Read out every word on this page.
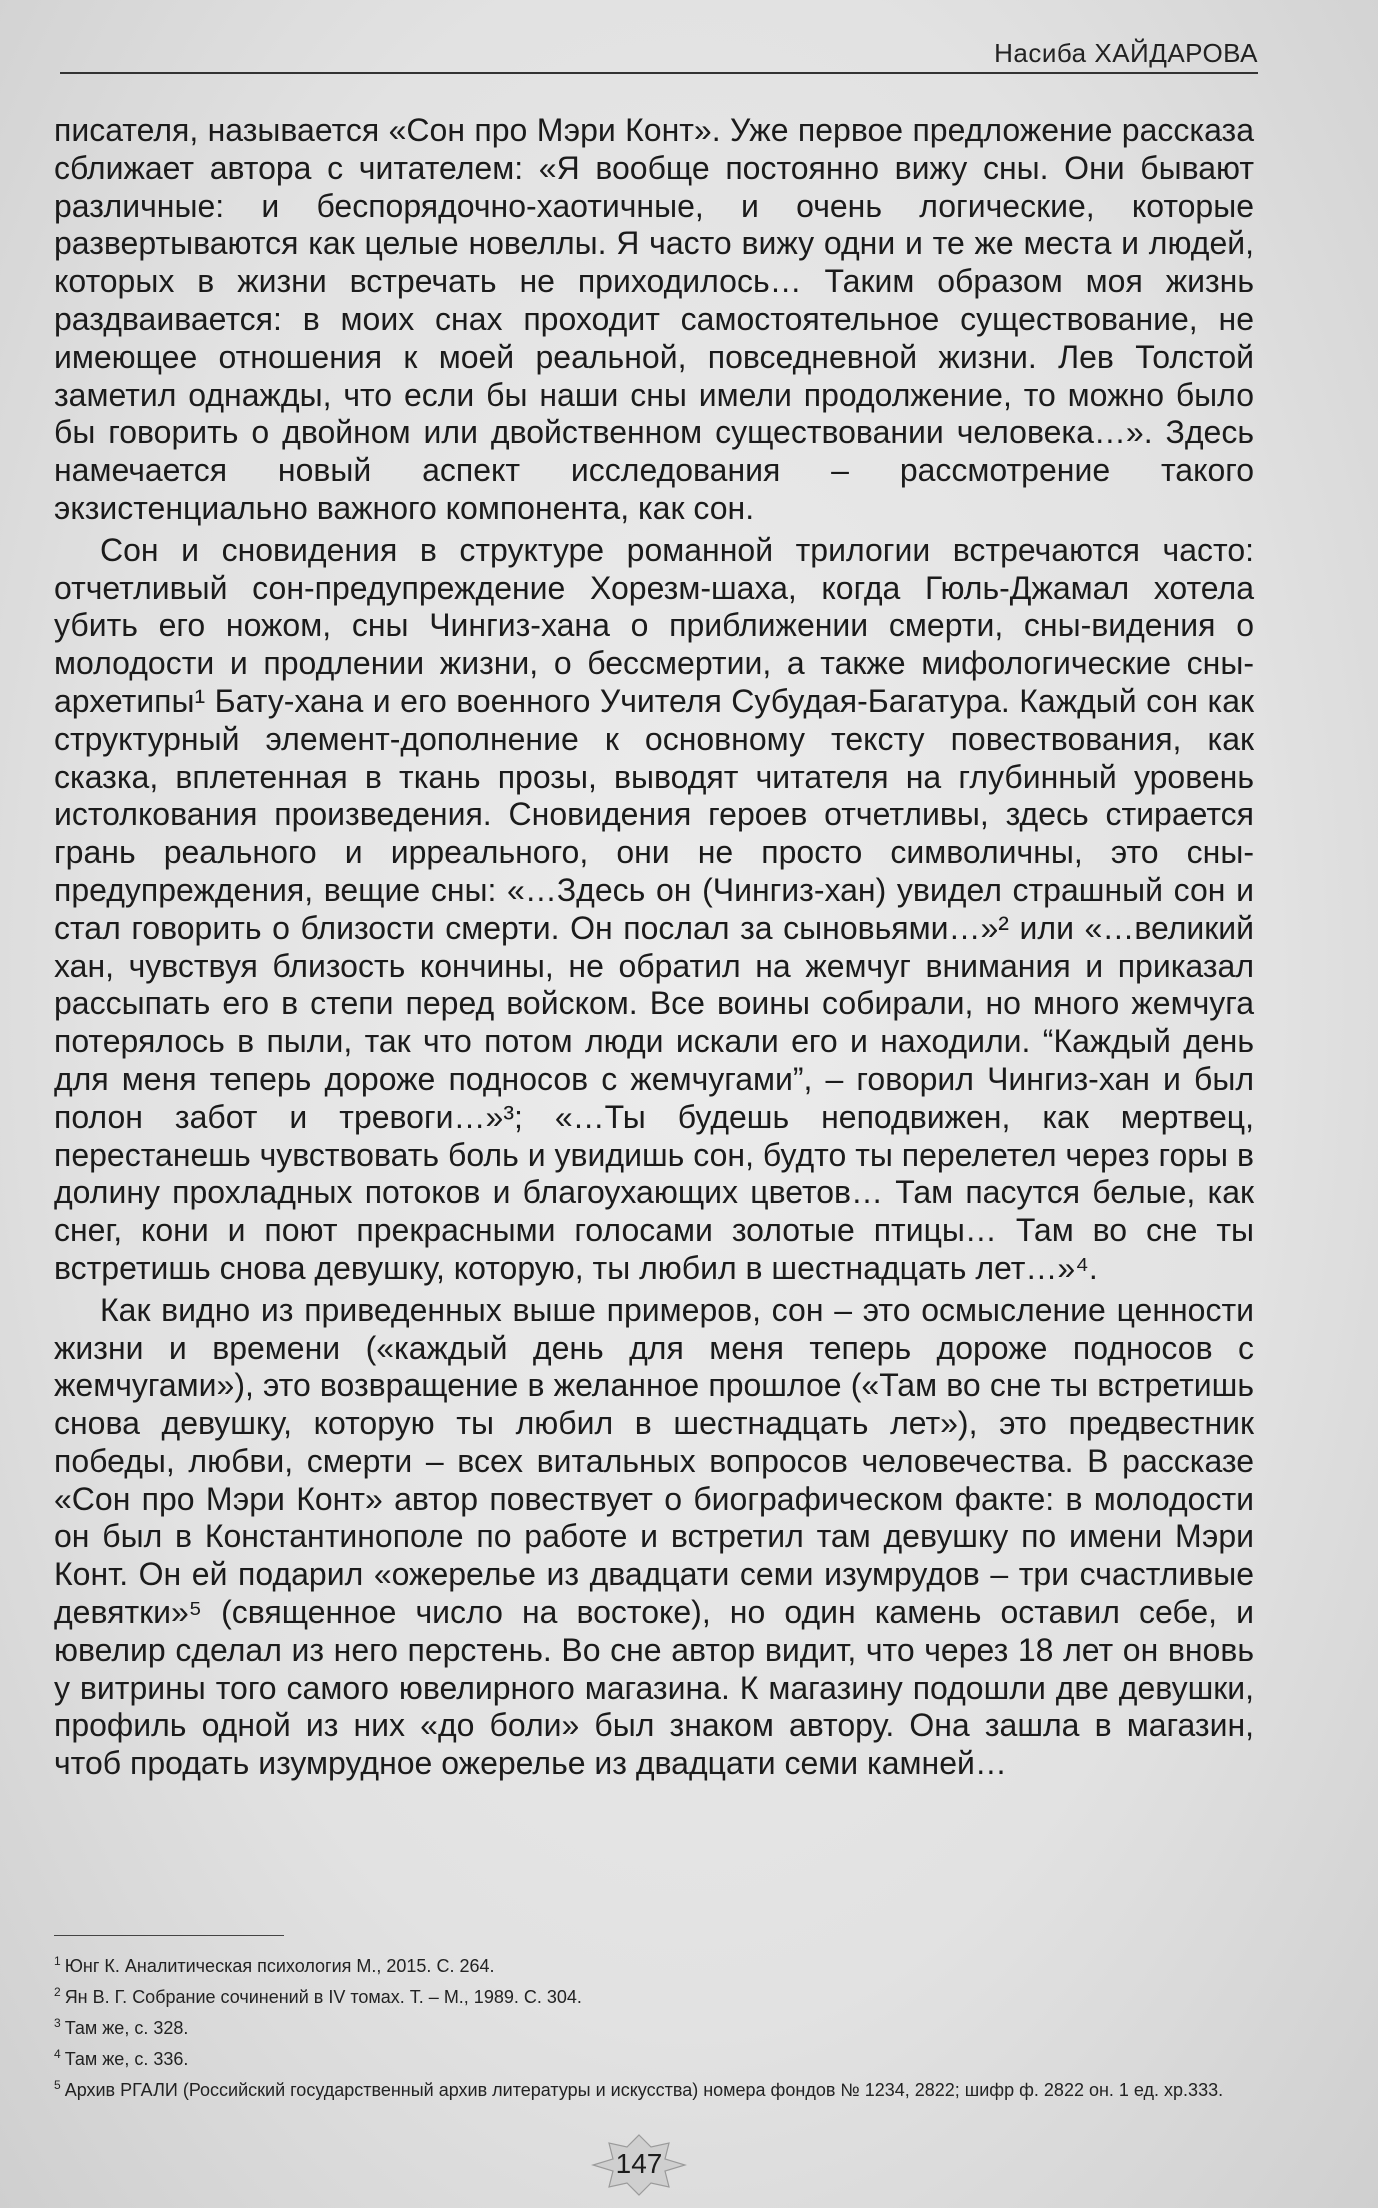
Насиба ХАЙДАРОВА

писателя, называется «Сон про Мэри Конт». Уже первое предложение рассказа сближает автора с читателем: «Я вообще постоянно вижу сны. Они бывают различные: и беспорядочно-хаотичные, и очень логические, которые развертываются как целые новеллы. Я часто вижу одни и те же места и людей, которых в жизни встречать не приходилось… Таким образом моя жизнь раздваивается: в моих снах проходит самостоятельное существование, не имеющее отношения к моей реальной, повседневной жизни. Лев Толстой заметил однажды, что если бы наши сны имели продолжение, то можно было бы говорить о двойном или двойственном существовании человека…». Здесь намечается новый аспект исследования – рассмотрение такого экзистенциально важного компонента, как сон.

Сон и сновидения в структуре романной трилогии встречаются часто: отчетливый сон-предупреждение Хорезм-шаха, когда Гюль-Джамал хотела убить его ножом, сны Чингиз-хана о приближении смерти, сны-видения о молодости и продлении жизни, о бессмертии, а также мифологические сны-архетипы¹ Бату-хана и его военного Учителя Субудая-Багатура. Каждый сон как структурный элемент-дополнение к основному тексту повествования, как сказка, вплетенная в ткань прозы, выводят читателя на глубинный уровень истолкования произведения. Сновидения героев отчетливы, здесь стирается грань реального и ирреального, они не просто символичны, это сны-предупреждения, вещие сны: «…Здесь он (Чингиз-хан) увидел страшный сон и стал говорить о близости смерти. Он послал за сыновьями…»² или «…великий хан, чувствуя близость кончины, не обратил на жемчуг внимания и приказал рассыпать его в степи перед войском. Все воины собирали, но много жемчуга потерялось в пыли, так что потом люди искали его и находили. “Каждый день для меня теперь дороже подносов с жемчугами”, – говорил Чингиз-хан и был полон забот и тревоги…»³; «…Ты будешь неподвижен, как мертвец, перестанешь чувствовать боль и увидишь сон, будто ты перелетел через горы в долину прохладных потоков и благоухающих цветов… Там пасутся белые, как снег, кони и поют прекрасными голосами золотые птицы… Там во сне ты встретишь снова девушку, которую, ты любил в шестнадцать лет…»⁴.

Как видно из приведенных выше примеров, сон – это осмысление ценности жизни и времени («каждый день для меня теперь дороже подносов с жемчугами»), это возвращение в желанное прошлое («Там во сне ты встретишь снова девушку, которую ты любил в шестнадцать лет»), это предвестник победы, любви, смерти – всех витальных вопросов человечества. В рассказе «Сон про Мэри Конт» автор повествует о биографическом факте: в молодости он был в Константинополе по работе и встретил там девушку по имени Мэри Конт. Он ей подарил «ожерелье из двадцати семи изумрудов – три счастливые девятки»⁵ (священное число на востоке), но один камень оставил себе, и ювелир сделал из него перстень. Во сне автор видит, что через 18 лет он вновь у витрины того самого ювелирного магазина. К магазину подошли две девушки, профиль одной из них «до боли» был знаком автору. Она зашла в магазин, чтоб продать изумрудное ожерелье из двадцати семи камней…

$^1$ Юнг К. Аналитическая психология М., 2015. С. 264.

$^2$ Ян В. Г. Собрание сочинений в IV томах. Т. – М., 1989. С. 304.

$^3$ Там же, с. 328.

$^4$ Там же, с. 336.

$^5$ Архив РГАЛИ (Российский государственный архив литературы и искусства) номера фондов № 1234, 2822; шифр ф. 2822 он. 1 ед. хр.333.

147
